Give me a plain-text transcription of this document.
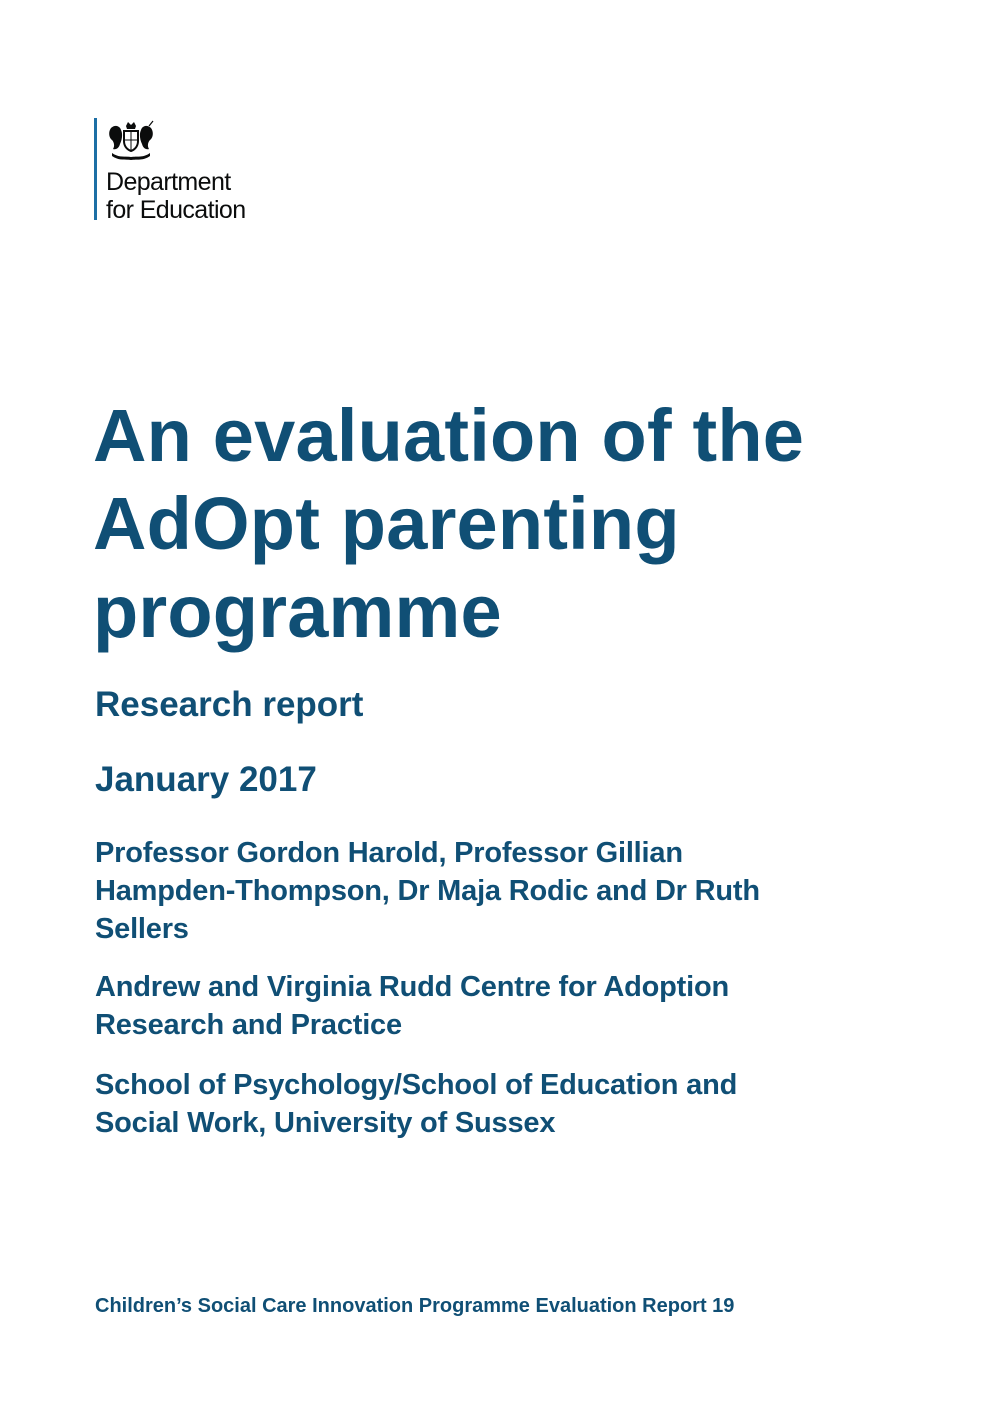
Department
for Education
An evaluation of the
AdOpt parenting
programme
Research report
January 2017
Professor Gordon Harold, Professor Gillian
Hampden-Thompson, Dr Maja Rodic and Dr Ruth
Sellers
Andrew and Virginia Rudd Centre for Adoption
Research and Practice
School of Psychology/School of Education and
Social Work, University of Sussex

Children’s Social Care Innovation Programme Evaluation Report 19
